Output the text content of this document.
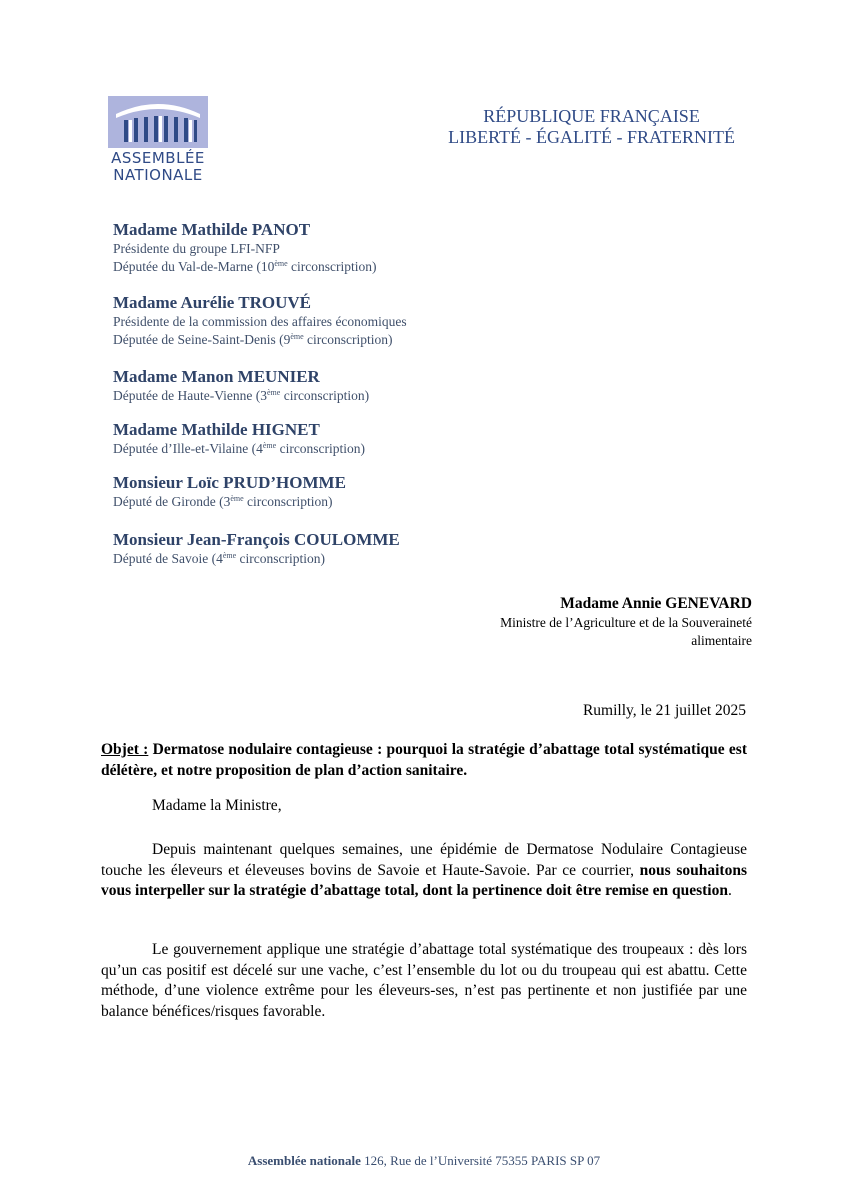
ASSEMBLÉE
NATIONALE
RÉPUBLIQUE FRANÇAISE
LIBERTÉ - ÉGALITÉ - FRATERNITÉ
Madame Mathilde PANOT
Présidente du groupe LFI-NFP
Députée du Val-de-Marne (10ème circonscription)
Madame Aurélie TROUVÉ
Présidente de la commission des affaires économiques
Députée de Seine-Saint-Denis (9ème circonscription)
Madame Manon MEUNIER
Députée de Haute-Vienne (3ème circonscription)
Madame Mathilde HIGNET
Députée d’Ille-et-Vilaine (4ème circonscription)
Monsieur Loïc PRUD’HOMME
Député de Gironde (3ème circonscription)
Monsieur Jean-François COULOMME
Député de Savoie (4ème circonscription)
Madame Annie GENEVARD
Ministre de l’Agriculture et de la Souveraineté
alimentaire
Rumilly, le 21 juillet 2025
Objet : Dermatose nodulaire contagieuse : pourquoi la stratégie d’abattage total systématique est délétère, et notre proposition de plan d’action sanitaire.
Madame la Ministre,
Depuis maintenant quelques semaines, une épidémie de Dermatose Nodulaire Contagieuse touche les éleveurs et éleveuses bovins de Savoie et Haute-Savoie. Par ce courrier, nous souhaitons vous interpeller sur la stratégie d’abattage total, dont la pertinence doit être remise en question.
Le gouvernement applique une stratégie d’abattage total systématique des troupeaux : dès lors qu’un cas positif est décelé sur une vache, c’est l’ensemble du lot ou du troupeau qui est abattu. Cette méthode, d’une violence extrême pour les éleveurs-ses, n’est pas pertinente et non justifiée par une balance bénéfices/risques favorable.
Assemblée nationale 126, Rue de l’Université 75355 PARIS SP 07
